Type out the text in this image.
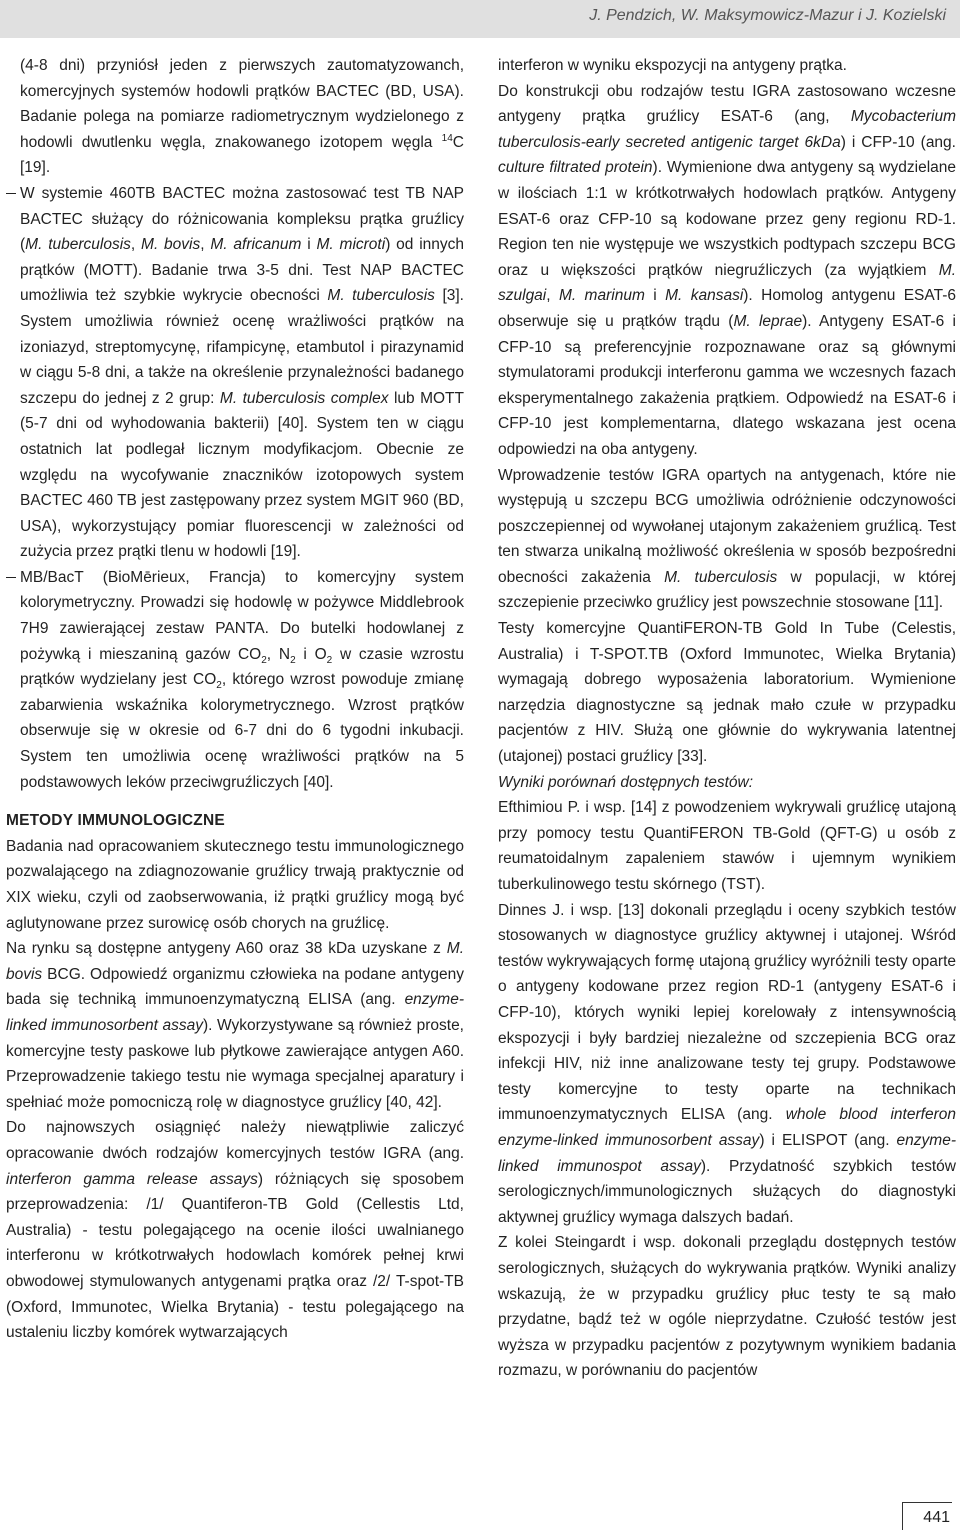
J. Pendzich, W. Maksymowicz-Mazur i J. Kozielski

(4-8 dni) przyniósł jeden z pierwszych zautomatyzowanch, komercyjnych systemów hodowli prątków BACTEC (BD, USA). Badanie polega na pomiarze radiometrycznym wydzielonego z hodowli dwutlenku węgla, znakowanego izotopem węgla $^{14}$C [19].

W systemie 460TB BACTEC można zastosować test TB NAP BACTEC służący do różnicowania kompleksu prątka gruźlicy (M. tuberculosis, M. bovis, M. africanum i M. microti) od innych prątków (MOTT). Badanie trwa 3-5 dni. Test NAP BACTEC umożliwia też szybkie wykrycie obecności M. tuberculosis [3]. System umożliwia również ocenę wrażliwości prątków na izoniazyd, streptomycynę, rifampicynę, etambutol i pirazynamid w ciągu 5-8 dni, a także na określenie przynależności badanego szczepu do jednej z 2 grup: M. tuberculosis complex lub MOTT (5-7 dni od wyhodowania bakterii) [40]. System ten w ciągu ostatnich lat podlegał licznym modyfikacjom. Obecnie ze względu na wycofywanie znaczników izotopowych system BACTEC 460 TB jest zastępowany przez system MGIT 960 (BD, USA), wykorzystujący pomiar fluorescencji w zależności od zużycia przez prątki tlenu w hodowli [19].

MB/BacT (BioMērieux, Francja) to komercyjny system kolorymetryczny. Prowadzi się hodowlę w pożywce Middlebrook 7H9 zawierającej zestaw PANTA. Do butelki hodowlanej z pożywką i mieszaniną gazów $CO_2$, $N_2$ i $O_2$ w czasie wzrostu prątków wydzielany jest $CO_2$, którego wzrost powoduje zmianę zabarwienia wskaźnika kolorymetrycznego. Wzrost prątków obserwuje się w okresie od 6-7 dni do 6 tygodni inkubacji. System ten umożliwia ocenę wrażliwości prątków na 5 podstawowych leków przeciwgruźliczych [40].

METODY IMMUNOLOGICZNE

Badania nad opracowaniem skutecznego testu immunologicznego pozwalającego na zdiagnozowanie gruźlicy trwają praktycznie od XIX wieku, czyli od zaobserwowania, iż prątki gruźlicy mogą być aglutynowane przez surowicę osób chorych na gruźlicę.

Na rynku są dostępne antygeny A60 oraz 38 kDa uzyskane z M. bovis BCG. Odpowiedź organizmu człowieka na podane antygeny bada się techniką immunoenzymatyczną ELISA (ang. enzyme-linked immunosorbent assay). Wykorzystywane są również proste, komercyjne testy paskowe lub płytkowe zawierające antygen A60. Przeprowadzenie takiego testu nie wymaga specjalnej aparatury i spełniać może pomocniczą rolę w diagnostyce gruźlicy [40, 42].

Do najnowszych osiągnięć należy niewątpliwie zaliczyć opracowanie dwóch rodzajów komercyjnych testów IGRA (ang. interferon gamma release assays) różniących się sposobem przeprowadzenia: /1/ Quantiferon-TB Gold (Cellestis Ltd, Australia) - testu polegającego na ocenie ilości uwalnianego interferonu w krótkotrwałych hodowlach komórek pełnej krwi obwodowej stymulowanych antygenami prątka oraz /2/ T-spot-TB (Oxford, Immunotec, Wielka Brytania) - testu polegającego na ustaleniu liczby komórek wytwarzających

interferon w wyniku ekspozycji na antygeny prątka.

Do konstrukcji obu rodzajów testu IGRA zastosowano wczesne antygeny prątka gruźlicy ESAT-6 (ang, Mycobacterium tuberculosis-early secreted antigenic target 6kDa) i CFP-10 (ang. culture filtrated protein). Wymienione dwa antygeny są wydzielane w ilościach 1:1 w krótkotrwałych hodowlach prątków. Antygeny ESAT-6 oraz CFP-10 są kodowane przez geny regionu RD-1. Region ten nie występuje we wszystkich podtypach szczepu BCG oraz u większości prątków niegruźliczych (za wyjątkiem M. szulgai, M. marinum i M. kansasi). Homolog antygenu ESAT-6 obserwuje się u prątków trądu (M. leprae). Antygeny ESAT-6 i CFP-10 są preferencyjnie rozpoznawane oraz są głównymi stymulatorami produkcji interferonu gamma we wczesnych fazach eksperymentalnego zakażenia prątkiem. Odpowiedź na ESAT-6 i CFP-10 jest komplementarna, dlatego wskazana jest ocena odpowiedzi na oba antygeny.

Wprowadzenie testów IGRA opartych na antygenach, które nie występują u szczepu BCG umożliwia odróżnienie odczynowości poszczepiennej od wywołanej utajonym zakażeniem gruźlicą. Test ten stwarza unikalną możliwość określenia w sposób bezpośredni obecności zakażenia M. tuberculosis w populacji, w której szczepienie przeciwko gruźlicy jest powszechnie stosowane [11].

Testy komercyjne QuantiFERON-TB Gold In Tube (Celestis, Australia) i T-SPOT.TB (Oxford Immunotec, Wielka Brytania) wymagają dobrego wyposażenia laboratorium. Wymienione narzędzia diagnostyczne są jednak mało czułe w przypadku pacjentów z HIV. Służą one głównie do wykrywania latentnej (utajonej) postaci gruźlicy [33].

Wyniki porównań dostępnych testów:

Efthimiou P. i wsp. [14] z powodzeniem wykrywali gruźlicę utajoną przy pomocy testu QuantiFERON TB-Gold (QFT-G) u osób z reumatoidalnym zapaleniem stawów i ujemnym wynikiem tuberkulinowego testu skórnego (TST).

Dinnes J. i wsp. [13] dokonali przeglądu i oceny szybkich testów stosowanych w diagnostyce gruźlicy aktywnej i utajonej. Wśród testów wykrywających formę utajoną gruźlicy wyróżnili testy oparte o antygeny kodowane przez region RD-1 (antygeny ESAT-6 i CFP-10), których wyniki lepiej korelowały z intensywnością ekspozycji i były bardziej niezależne od szczepienia BCG oraz infekcji HIV, niż inne analizowane testy tej grupy. Podstawowe testy komercyjne to testy oparte na technikach immunoenzymatycznych ELISA (ang. whole blood interferon enzyme-linked immunosorbent assay) i ELISPOT (ang. enzyme-linked immunospot assay). Przydatność szybkich testów serologicznych/immunologicznych służących do diagnostyki aktywnej gruźlicy wymaga dalszych badań.

Z kolei Steingardt i wsp. dokonali przeglądu dostępnych testów serologicznych, służących do wykrywania prątków. Wyniki analizy wskazują, że w przypadku gruźlicy płuc testy te są mało przydatne, bądź też w ogóle nieprzydatne. Czułość testów jest wyższa w przypadku pacjentów z pozytywnym wynikiem badania rozmazu, w porównaniu do pacjentów

441
